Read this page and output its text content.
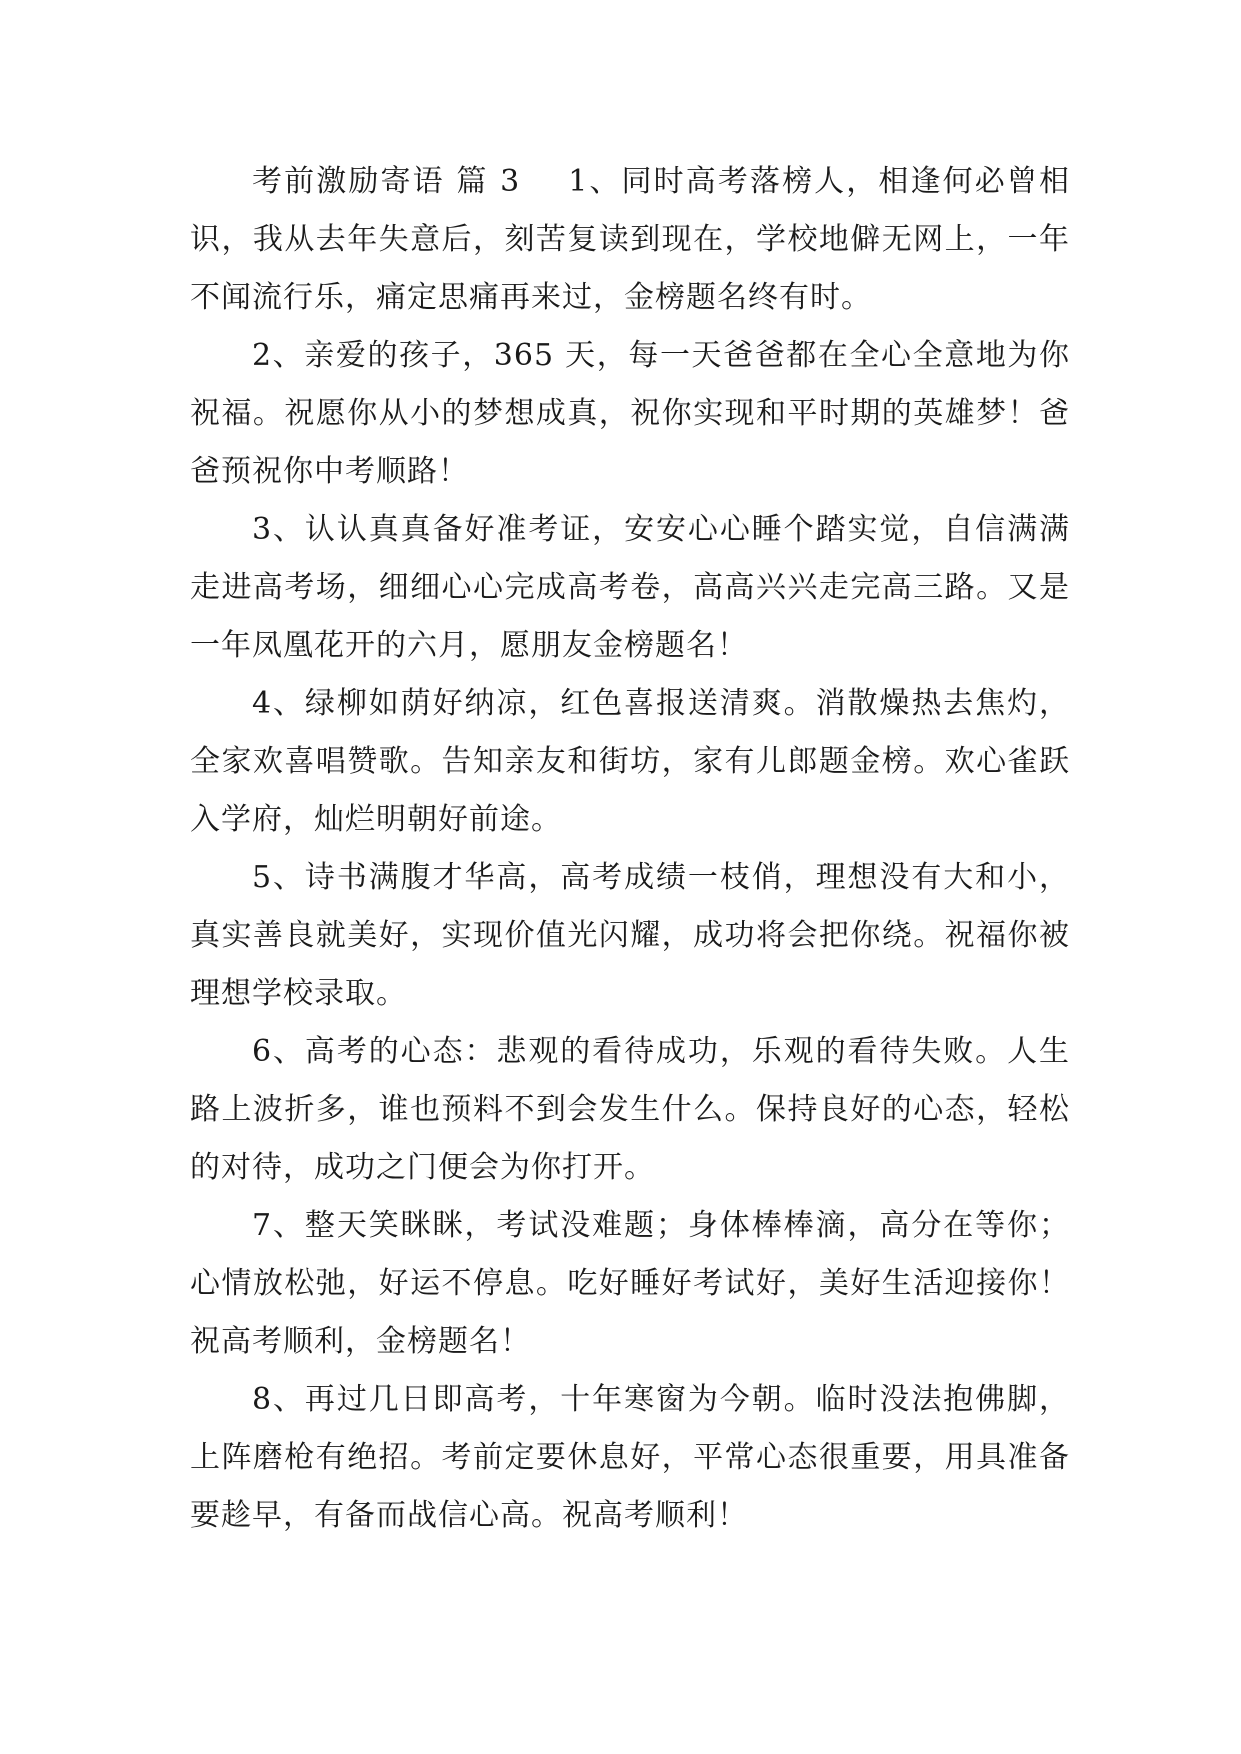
考前激励寄语 篇 3 1、同时高考落榜人，相逢何必曾相识，我从去年失意后，刻苦复读到现在，学校地僻无网上，一年不闻流行乐，痛定思痛再来过，金榜题名终有时。

2、亲爱的孩子，365 天，每一天爸爸都在全心全意地为你祝福。祝愿你从小的梦想成真，祝你实现和平时期的英雄梦！爸爸预祝你中考顺路！

3、认认真真备好准考证，安安心心睡个踏实觉，自信满满走进高考场，细细心心完成高考卷，高高兴兴走完高三路。又是一年凤凰花开的六月，愿朋友金榜题名！

4、绿柳如荫好纳凉，红色喜报送清爽。消散燥热去焦灼，全家欢喜唱赞歌。告知亲友和街坊，家有儿郎题金榜。欢心雀跃入学府，灿烂明朝好前途。

5、诗书满腹才华高，高考成绩一枝俏，理想没有大和小，真实善良就美好，实现价值光闪耀，成功将会把你绕。祝福你被理想学校录取。

6、高考的心态：悲观的看待成功，乐观的看待失败。人生路上波折多，谁也预料不到会发生什么。保持良好的心态，轻松的对待，成功之门便会为你打开。

7、整天笑眯眯，考试没难题；身体棒棒滴，高分在等你；心情放松弛，好运不停息。吃好睡好考试好，美好生活迎接你！祝高考顺利，金榜题名！

8、再过几日即高考，十年寒窗为今朝。临时没法抱佛脚，上阵磨枪有绝招。考前定要休息好，平常心态很重要，用具准备要趁早，有备而战信心高。祝高考顺利！
